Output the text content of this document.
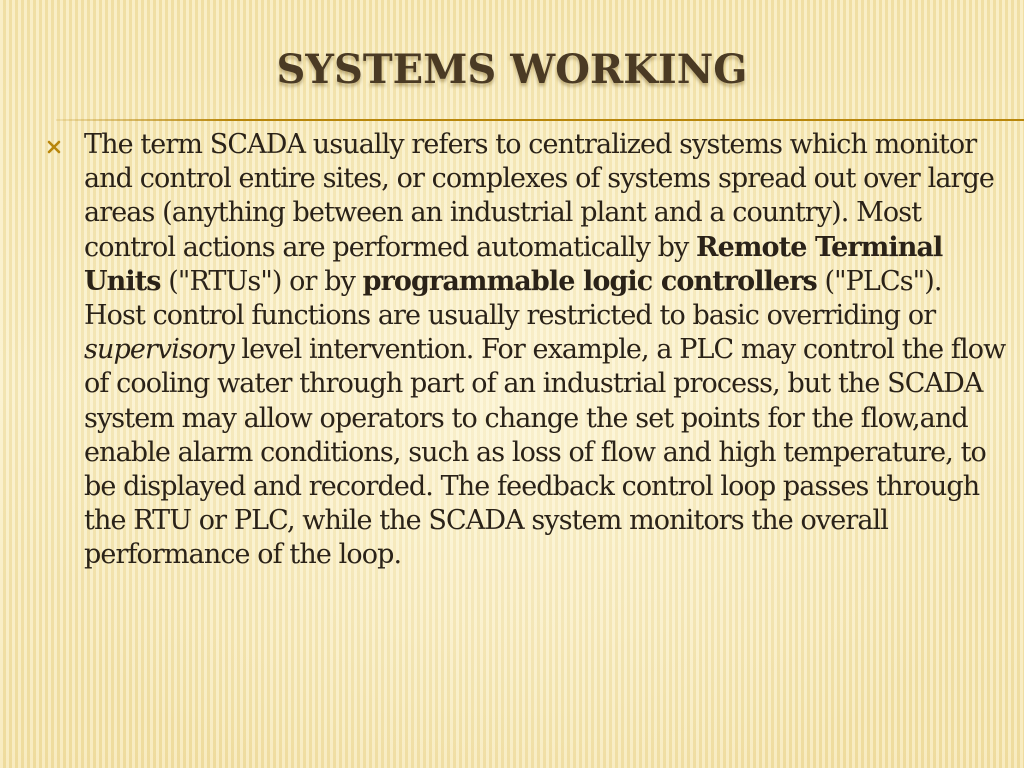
SYSTEMS WORKING

The term SCADA usually refers to centralized systems which monitor and control entire sites, or complexes of systems spread out over large areas (anything between an industrial plant and a country). Most control actions are performed automatically by Remote Terminal Units ("RTUs") or by programmable logic controllers ("PLCs"). Host control functions are usually restricted to basic overriding or supervisory level intervention. For example, a PLC may control the flow of cooling water through part of an industrial process, but the SCADA system may allow operators to change the set points for the flow,and enable alarm conditions, such as loss of flow and high temperature, to be displayed and recorded. The feedback control loop passes through the RTU or PLC, while the SCADA system monitors the overall performance of the loop.
